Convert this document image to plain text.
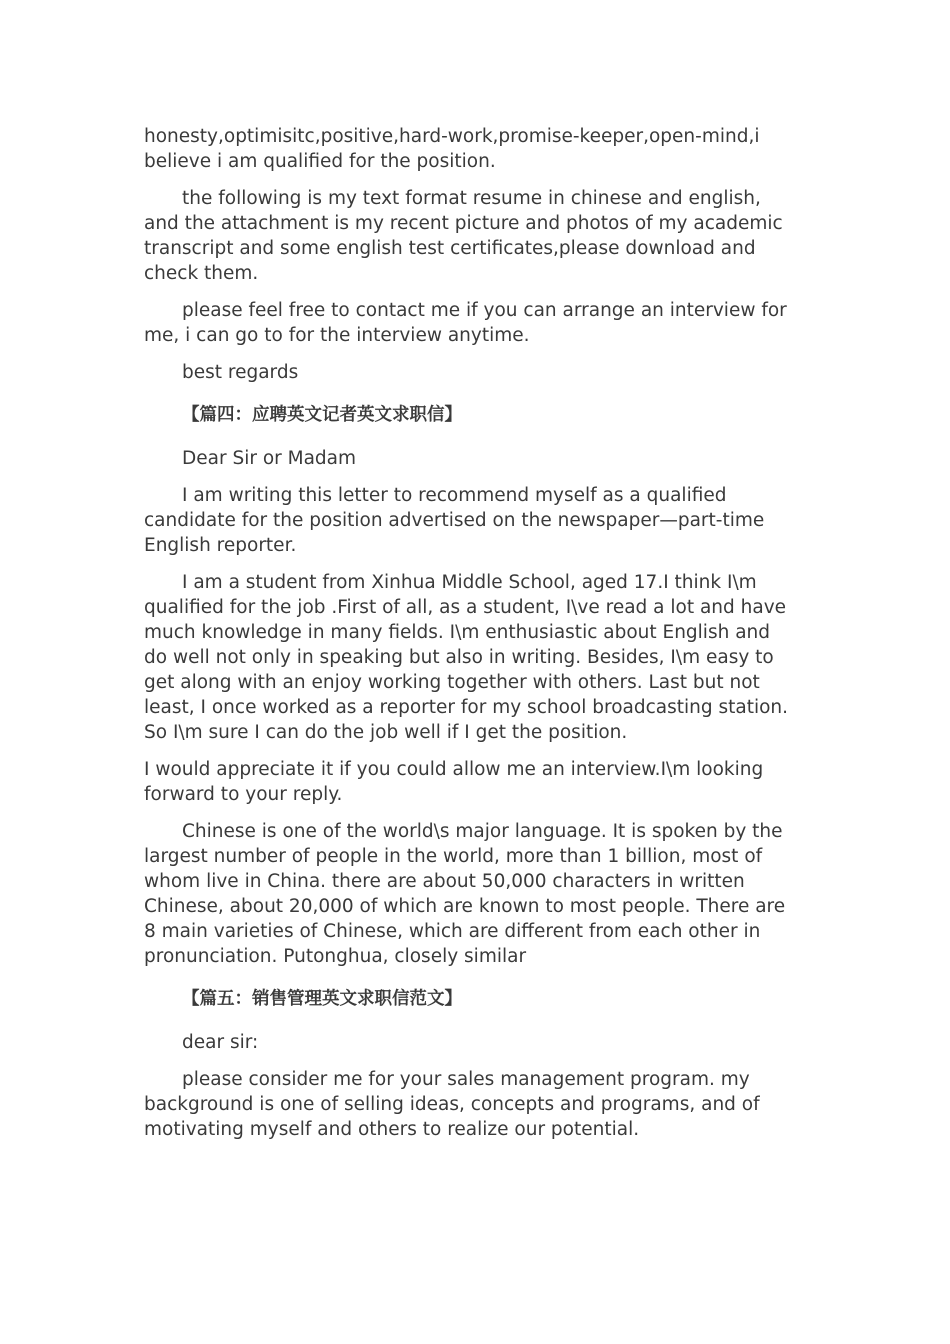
honesty,optimisitc,positive,hard-work,promise-keeper,open-mind,i believe i am qualified for the position.

the following is my text format resume in chinese and english, and the attachment is my recent picture and photos of my academic transcript and some english test certificates,please download and check them.

please feel free to contact me if you can arrange an interview for me, i can go to for the interview anytime.

best regards

【篇四：应聘英文记者英文求职信】

Dear Sir or Madam

I am writing this letter to recommend myself as a qualified candidate for the position advertised on the newspaper—part-time English reporter.

I am a student from Xinhua Middle School, aged 17.I think I\m qualified for the job .First of all, as a student, I\ve read a lot and have much knowledge in many fields. I\m enthusiastic about English and do well not only in speaking but also in writing. Besides, I\m easy to get along with an enjoy working together with others. Last but not least, I once worked as a reporter for my school broadcasting station. So I\m sure I can do the job well if I get the position.

I would appreciate it if you could allow me an interview.I\m looking forward to your reply.

Chinese is one of the world\s major language. It is spoken by the largest number of people in the world, more than 1 billion, most of whom live in China. there are about 50,000 characters in written Chinese, about 20,000 of which are known to most people. There are 8 main varieties of Chinese, which are different from each other in pronunciation. Putonghua, closely similar

【篇五：销售管理英文求职信范文】

dear sir:

please consider me for your sales management program. my background is one of selling ideas, concepts and programs, and of motivating myself and others to realize our potential.
